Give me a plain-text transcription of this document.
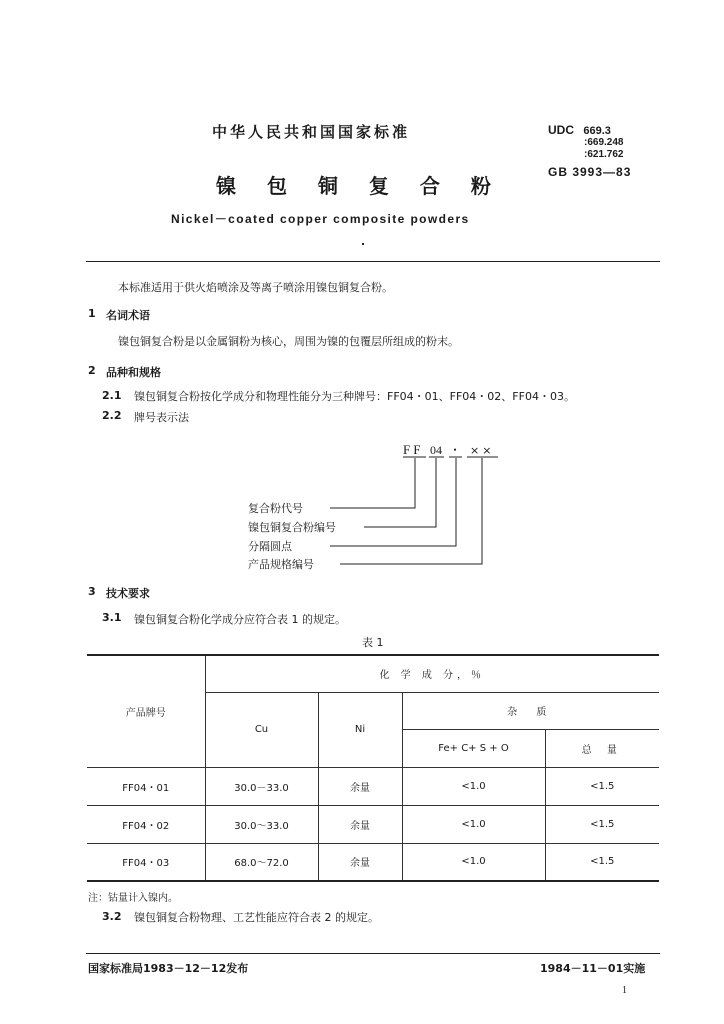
中华人民共和国国家标准	UDC 669.3
:669.248
:621.762
镍 包 铜 复 合 粉
GB 3993—83
Nickel－coated copper composite powders
本标准适用于供火焰喷涂及等离子喷涂用镍包铜复合粉。
1 名词术语
镍包铜复合粉是以金属铜粉为核心，周围为镍的包覆层所组成的粉末。
2 品种和规格
2.1 镍包铜复合粉按化学成分和物理性能分为三种牌号：FF04・01、FF04・02、FF04・03。
2.2 牌号表示法
FF 04 ・ ××
复合粉代号
镍包铜复合粉编号
分隔圆点
产品规格编号
3 技术要求
3.1 镍包铜复合粉化学成分应符合表 1 的规定。
表 1
产品牌号	化 学 成 分，％			
	Cu	Ni	杂 质	
			Fe+ C+ S + O	总 量
FF04・01	30.0－33.0	余量	<1.0	<1.5
FF04・02	30.0～33.0	余量	<1.0	<1.5
FF04・03	68.0～72.0	余量	<1.0	<1.5
注：钴量计入镍内。
3.2 镍包铜复合粉物理、工艺性能应符合表 2 的规定。
国家标准局1983－12－12发布	1984－11－01实施
1
